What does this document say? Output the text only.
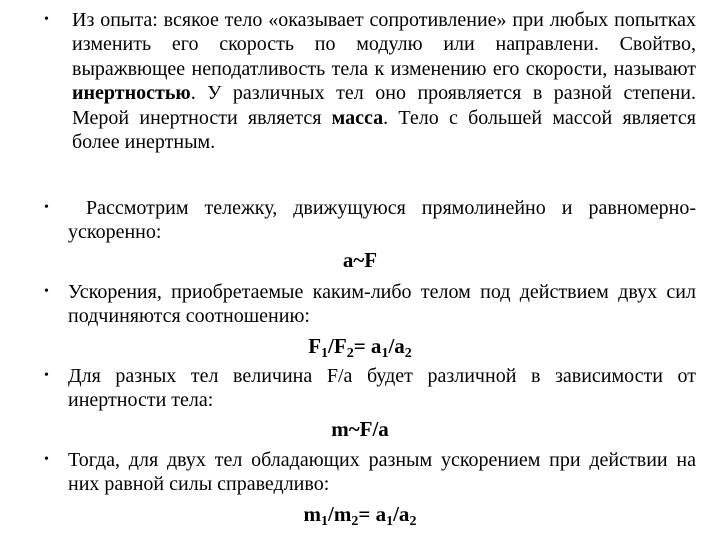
• Из опыта: всякое тело «оказывает сопротивление» при любых попытках изменить его скорость по модулю или направлени. Свойтво, выражвющее неподатливость тела к изменению его скорости, называют инертностью. У различных тел оно проявляется в разной степени. Мерой инертности является масса. Тело с большей массой является более инертным.
•	Рассмотрим тележку, движущуюся прямолинейно и равномерно-ускоренно:
a~F
• Ускорения, приобретаемые каким-либо телом под действием двух сил подчиняются соотношению:
$F_1/F_2= a_1/a_2$
• Для разных тел величина F/a будет различной в зависимости от инертности тела:
m~F/a
• Тогда, для двух тел обладающих разным ускорением при действии на них равной силы справедливо:
$m_1/m_2= a_1/a_2$
